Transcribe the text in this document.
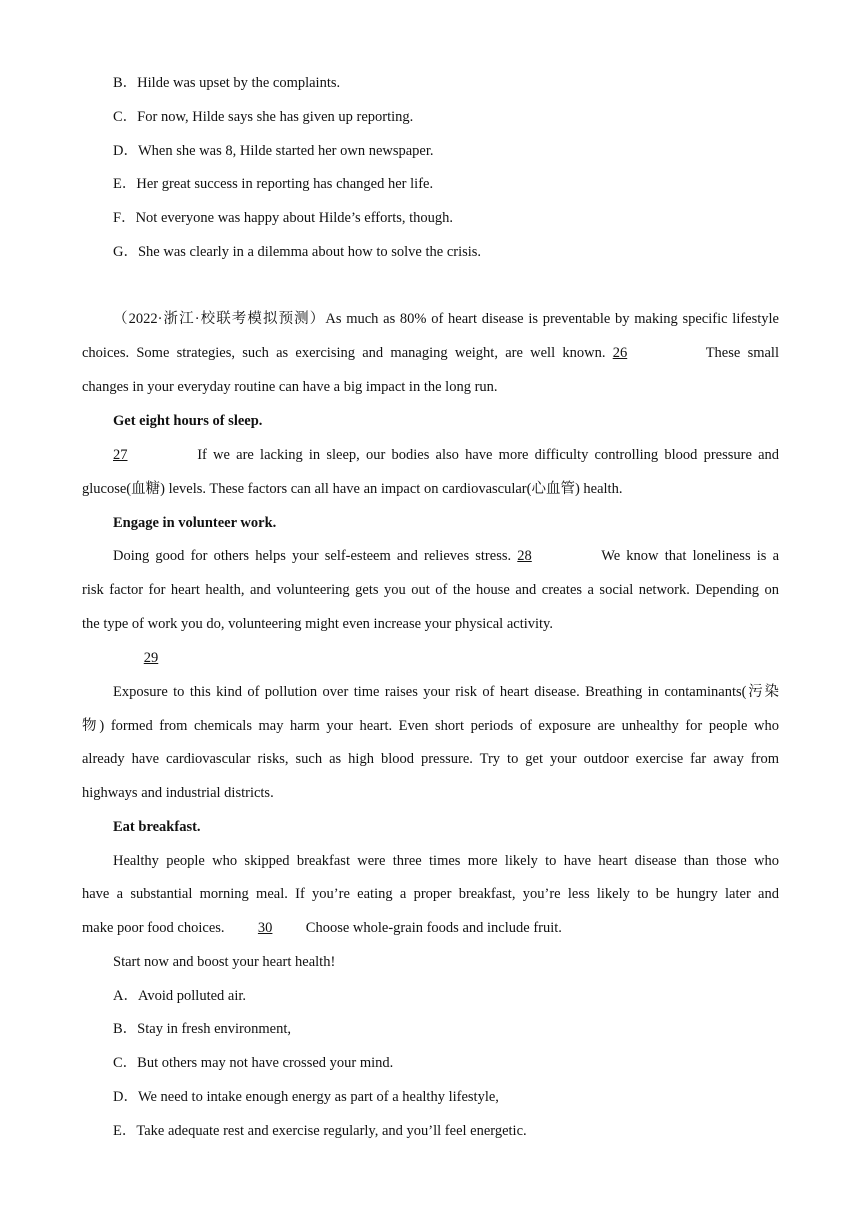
B．Hilde was upset by the complaints.
C．For now, Hilde says she has given up reporting.
D．When she was 8, Hilde started her own newspaper.
E．Her great success in reporting has changed her life.
F．Not everyone was happy about Hilde’s efforts, though.
G．She was clearly in a dilemma about how to solve the crisis.
（2022·浙江·校联考模拟预测）As much as 80% of heart disease is preventable by making specific lifestyle
choices. Some strategies, such as exercising and managing weight, are well known. 26	These small
changes in your everyday routine can have a big impact in the long run.
Get eight hours of sleep.
27	If we are lacking in sleep, our bodies also have more difficulty controlling blood pressure and
glucose(血糖) levels. These factors can all have an impact on cardiovascular(心血管) health.
Engage in volunteer work.
Doing good for others helps your self-esteem and relieves stress. 28	We know that loneliness is a
risk factor for heart health, and volunteering gets you out of the house and creates a social network. Depending on
the type of work you do, volunteering might even increase your physical activity.
29
Exposure to this kind of pollution over time raises your risk of heart disease. Breathing in contaminants(污染
物) formed from chemicals may harm your heart. Even short periods of exposure are unhealthy for people who
already have cardiovascular risks, such as high blood pressure. Try to get your outdoor exercise far away from
highways and industrial districts.
Eat breakfast.
Healthy people who skipped breakfast were three times more likely to have heart disease than those who
have a substantial morning meal. If you’re eating a proper breakfast, you’re less likely to be hungry later and
make poor food choices. 30 Choose whole-grain foods and include fruit.
Start now and boost your heart health!
A．Avoid polluted air.
B．Stay in fresh environment,
C．But others may not have crossed your mind.
D．We need to intake enough energy as part of a healthy lifestyle,
E．Take adequate rest and exercise regularly, and you’ll feel energetic.
